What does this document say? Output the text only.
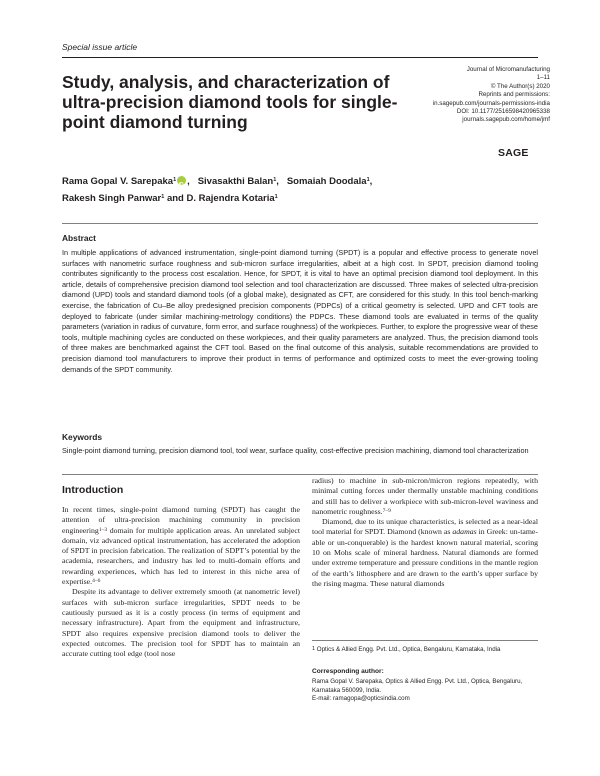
Special issue article
Study, analysis, and characterization of ultra-precision diamond tools for single-point diamond turning
Journal of Micromanufacturing
1–11
© The Author(s) 2020
Reprints and permissions:
in.sagepub.com/journals-permissions-india
DOI: 10.1177/2516598420965338
journals.sagepub.com/home/jmf
SAGE
Rama Gopal V. Sarepaka$^1$iD , Sivasakthi Balan$^1$, Somaiah Doodala$^1$,
Rakesh Singh Panwar$^1$ and D. Rajendra Kotaria$^1$
Abstract
In multiple applications of advanced instrumentation, single-point diamond turning (SPDT) is a popular and effective process to generate novel surfaces with nanometric surface roughness and sub-micron surface irregularities, albeit at a high cost. In SPDT, precision diamond tooling contributes significantly to the process cost escalation. Hence, for SPDT, it is vital to have an optimal precision diamond tool deployment. In this article, details of comprehensive precision diamond tool selection and tool characterization are discussed. Three makes of selected ultra-precision diamond (UPD) tools and standard diamond tools (of a global make), designated as CFT, are considered for this study. In this tool bench-marking exercise, the fabrication of Cu–Be alloy predesigned precision components (PDPCs) of a critical geometry is selected. UPD and CFT tools are deployed to fabricate (under similar machining-metrology conditions) the PDPCs. These diamond tools are evaluated in terms of the quality parameters (variation in radius of curvature, form error, and surface roughness) of the workpieces. Further, to explore the progressive wear of these tools, multiple machining cycles are conducted on these workpieces, and their quality parameters are analyzed. Thus, the precision diamond tools of three makes are benchmarked against the CFT tool. Based on the final outcome of this analysis, suitable recommendations are provided to precision diamond tool manufacturers to improve their product in terms of performance and optimized costs to meet the ever-growing tooling demands of the SPDT community.
Keywords
Single-point diamond turning, precision diamond tool, tool wear, surface quality, cost-effective precision machining, diamond tool characterization
Introduction

In recent times, single-point diamond turning (SPDT) has caught the attention of ultra-precision machining community in precision engineering$^{1-3}$ domain for multiple application areas. An unrelated subject domain, viz advanced optical instrumentation, has accelerated the adoption of SPDT in precision fabrication. The realization of SDPT’s potential by the academia, researchers, and industry has led to multi-domain efforts and rewarding experiences, which has led to interest in this niche area of expertise.$^{4-6}$

Despite its advantage to deliver extremely smooth (at nanometric level) surfaces with sub-micron surface irregularities, SPDT needs to be cautiously pursued as it is a costly process (in terms of equipment and necessary infrastructure). Apart from the equipment and infrastructure, SPDT also requires expensive precision diamond tools to deliver the expected outcomes. The precision tool for SPDT has to maintain an accurate cutting tool edge (tool nose

radius) to machine in sub-micron/micron regions repeatedly, with minimal cutting forces under thermally unstable machining conditions and still has to deliver a workpiece with sub-micron-level waviness and nanometric roughness.$^{7-9}$

Diamond, due to its unique characteristics, is selected as a near-ideal tool material for SPDT. Diamond (known as adamas in Greek: un-tame-able or un-conquerable) is the hardest known natural material, scoring 10 on Mohs scale of mineral hardness. Natural diamonds are formed under extreme temperature and pressure conditions in the mantle region of the earth’s lithosphere and are drawn to the earth’s upper surface by the rising magma. These natural diamonds

$^1$ Optics & Allied Engg. Pvt. Ltd., Optica, Bengaluru, Karnataka, India
Corresponding author:
Rama Gopal V. Sarepaka, Optics & Allied Engg. Pvt. Ltd., Optica, Bengaluru, Karnataka 560099, India.
E-mail: ramagopa@opticsindia.com
